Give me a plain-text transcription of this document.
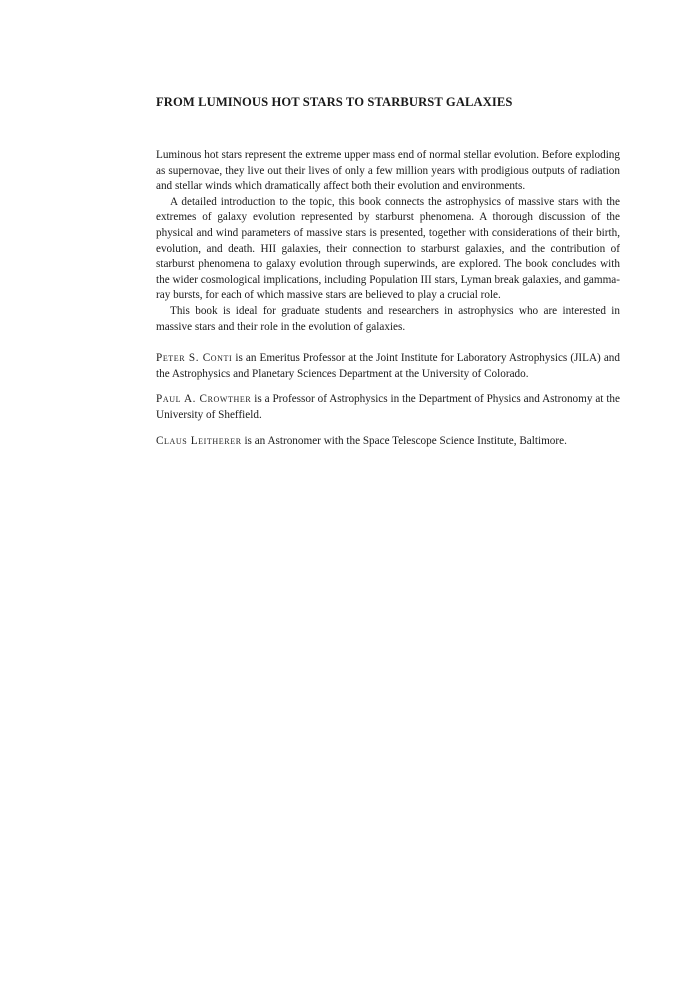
FROM LUMINOUS HOT STARS TO STARBURST GALAXIES

Luminous hot stars represent the extreme upper mass end of normal stellar evolution. Before exploding as supernovae, they live out their lives of only a few million years with prodigious outputs of radiation and stellar winds which dramatically affect both their evolution and environments.

A detailed introduction to the topic, this book connects the astrophysics of massive stars with the extremes of galaxy evolution represented by starburst phenomena. A thorough discussion of the physical and wind parameters of massive stars is presented, together with considerations of their birth, evolution, and death. HII galaxies, their connection to starburst galaxies, and the contribution of starburst phenomena to galaxy evolution through superwinds, are explored. The book concludes with the wider cosmological implications, including Population III stars, Lyman break galaxies, and gamma-ray bursts, for each of which massive stars are believed to play a crucial role.

This book is ideal for graduate students and researchers in astrophysics who are interested in massive stars and their role in the evolution of galaxies.

Peter S. Conti is an Emeritus Professor at the Joint Institute for Laboratory Astrophysics (JILA) and the Astrophysics and Planetary Sciences Department at the University of Colorado.

Paul A. Crowther is a Professor of Astrophysics in the Department of Physics and Astronomy at the University of Sheffield.

Claus Leitherer is an Astronomer with the Space Telescope Science Institute, Baltimore.
